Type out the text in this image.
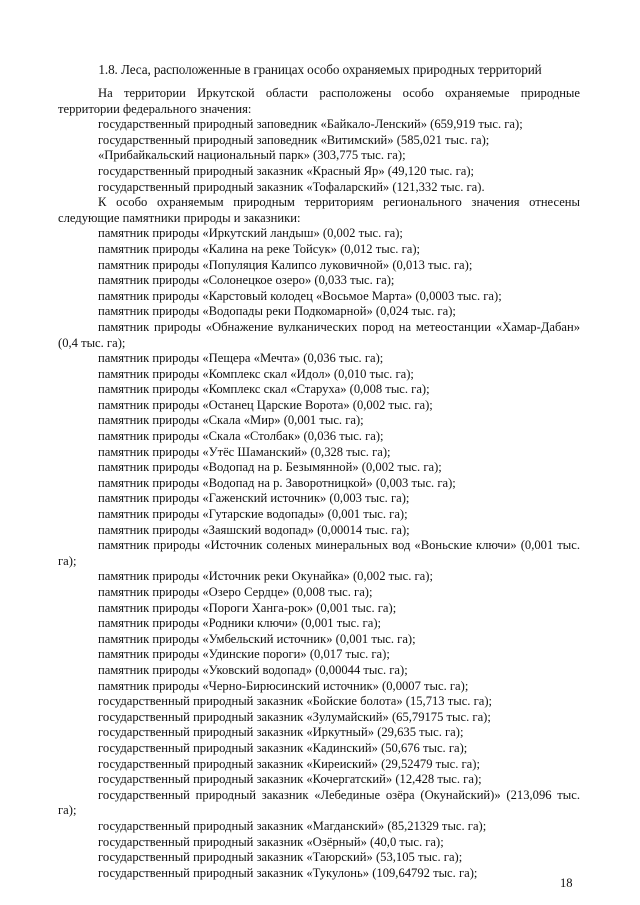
1.8. Леса, расположенные в границах особо охраняемых природных территорий

На территории Иркутской области расположены особо охраняемые природные территории федерального значения:

государственный природный заповедник «Байкало-Ленский» (659,919 тыс. га);

государственный природный заповедник «Витимский» (585,021 тыс. га);

«Прибайкальский национальный парк» (303,775 тыс. га);

государственный природный заказник «Красный Яр» (49,120 тыс. га);

государственный природный заказник «Тофаларский» (121,332 тыс. га).

К особо охраняемым природным территориям регионального значения отнесены следующие памятники природы и заказники:

памятник природы «Иркутский ландыш» (0,002 тыс. га);

памятник природы «Калина на реке Тойсук» (0,012 тыс. га);

памятник природы «Популяция Калипсо луковичной» (0,013 тыс. га);

памятник природы «Солонецкое озеро» (0,033 тыс. га);

памятник природы «Карстовый колодец «Восьмое Марта» (0,0003 тыс. га);

памятник природы «Водопады реки Подкомарной» (0,024 тыс. га);

памятник природы «Обнажение вулканических пород на метеостанции «Хамар-Дабан» (0,4 тыс. га);

памятник природы «Пещера «Мечта» (0,036 тыс. га);

памятник природы «Комплекс скал «Идол» (0,010 тыс. га);

памятник природы «Комплекс скал «Старуха» (0,008 тыс. га);

памятник природы «Останец Царские Ворота» (0,002 тыс. га);

памятник природы «Скала «Мир» (0,001 тыс. га);

памятник природы «Скала «Столбак» (0,036 тыс. га);

памятник природы «Утёс Шаманский» (0,328 тыс. га);

памятник природы «Водопад на р. Безымянной» (0,002 тыс. га);

памятник природы «Водопад на р. Заворотницкой» (0,003 тыс. га);

памятник природы «Гаженский источник» (0,003 тыс. га);

памятник природы «Гутарские водопады» (0,001 тыс. га);

памятник природы «Заяшский водопад» (0,00014 тыс. га);

памятник природы «Источник соленых минеральных вод «Воньские ключи» (0,001 тыс. га);

памятник природы «Источник реки Окунайка» (0,002 тыс. га);

памятник природы «Озеро Сердце» (0,008 тыс. га);

памятник природы «Пороги Ханга-рок» (0,001 тыс. га);

памятник природы «Родники ключи» (0,001 тыс. га);

памятник природы «Умбельский источник» (0,001 тыс. га);

памятник природы «Удинские пороги» (0,017 тыс. га);

памятник природы «Уковский водопад» (0,00044 тыс. га);

памятник природы «Черно-Бирюсинский источник» (0,0007 тыс. га);

государственный природный заказник «Бойские болота» (15,713 тыс. га);

государственный природный заказник «Зулумайский» (65,79175 тыс. га);

государственный природный заказник «Иркутный» (29,635 тыс. га);

государственный природный заказник «Кадинский» (50,676 тыс. га);

государственный природный заказник «Киреиский» (29,52479 тыс. га);

государственный природный заказник «Кочергатский» (12,428 тыс. га);

государственный природный заказник «Лебединые озёра (Окунайский)» (213,096 тыс. га);

государственный природный заказник «Магданский» (85,21329 тыс. га);

государственный природный заказник «Озёрный» (40,0 тыс. га);

государственный природный заказник «Таюрский» (53,105 тыс. га);

государственный природный заказник «Тукулонь» (109,64792 тыс. га);

18
